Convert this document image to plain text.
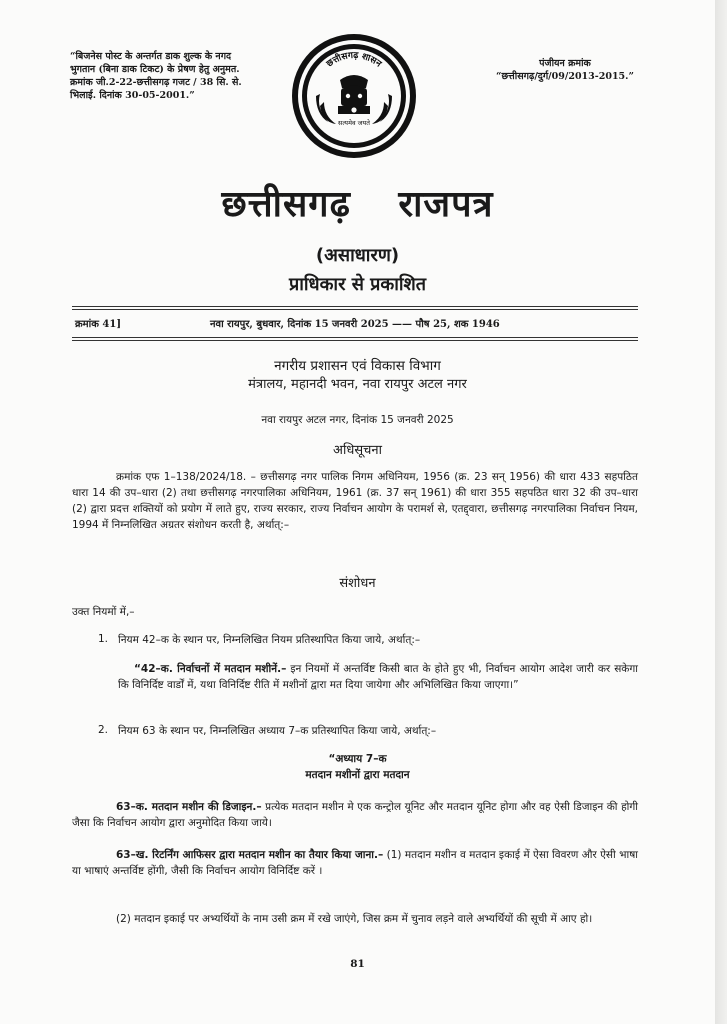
“बिजनेस पोस्ट के अन्तर्गत डाक शुल्क के नगद भुगतान (बिना डाक टिकट) के प्रेषण हेतु अनुमत. क्रमांक जी.2-22-छत्तीसगढ़ गजट / 38 सि. से. भिलाई. दिनांक 30-05-2001.”
पंजीयन क्रमांक
“छत्तीसगढ़/दुर्ग/09/2013-2015.”
छत्तीसगढ़ शासन
सत्यमेव जयते
छत्तीसगढ़ राजपत्र
(असाधारण)
प्राधिकार से प्रकाशित
क्रमांक 41]	नवा रायपुर, बुधवार, दिनांक 15 जनवरी 2025 —— पौष 25, शक 1946
नगरीय प्रशासन एवं विकास विभाग
मंत्रालय, महानदी भवन, नवा रायपुर अटल नगर
नवा रायपुर अटल नगर, दिनांक 15 जनवरी 2025
अधिसूचना
क्रमांक एफ 1–138/2024/18. – छत्तीसगढ़ नगर पालिक निगम अधिनियम, 1956 (क्र. 23 सन् 1956) की धारा 433 सहपठित धारा 14 की उप–धारा (2) तथा छत्तीसगढ़ नगरपालिका अधिनियम, 1961 (क्र. 37 सन् 1961) की धारा 355 सहपठित धारा 32 की उप–धारा (2) द्वारा प्रदत्त शक्तियों को प्रयोग में लाते हुए, राज्य सरकार, राज्य निर्वाचन आयोग के परामर्श से, एतद्द्वारा, छत्तीसगढ़ नगरपालिका निर्वाचन नियम, 1994 में निम्नलिखित अग्रतर संशोधन करती है, अर्थात्:–
संशोधन
उक्त नियमों में,–
1. नियम 42–क के स्थान पर, निम्नलिखित नियम प्रतिस्थापित किया जाये, अर्थात्:–
“42–क. निर्वाचनों में मतदान मशीनें.– इन नियमों में अन्तर्विष्ट किसी बात के होते हुए भी, निर्वाचन आयोग आदेश जारी कर सकेगा कि विनिर्दिष्ट वार्डों में, यथा विनिर्दिष्ट रीति में मशीनों द्वारा मत दिया जायेगा और अभिलिखित किया जाएगा।”
2. नियम 63 के स्थान पर, निम्नलिखित अध्याय 7–क प्रतिस्थापित किया जाये, अर्थात्:–
“अध्याय 7–क
मतदान मशीनों द्वारा मतदान
63–क. मतदान मशीन की डिजाइन.– प्रत्येक मतदान मशीन मे एक कन्ट्रोल यूनिट और मतदान यूनिट होगा और वह ऐसी डिजाइन की होगी जैसा कि निर्वाचन आयोग द्वारा अनुमोदित किया जाये।
63–ख. रिटर्निंग आफिसर द्वारा मतदान मशीन का तैयार किया जाना.– (1) मतदान मशीन व मतदान इकाई में ऐसा विवरण और ऐसी भाषा या भाषाएं अन्तर्विष्ट होंगी, जैसी कि निर्वाचन आयोग विनिर्दिष्ट करें ।
(2) मतदान इकाई पर अभ्यर्थियों के नाम उसी क्रम में रखे जाएंगे, जिस क्रम में चुनाव लड़ने वाले अभ्यर्थियों की सूची में आए हो।
81
